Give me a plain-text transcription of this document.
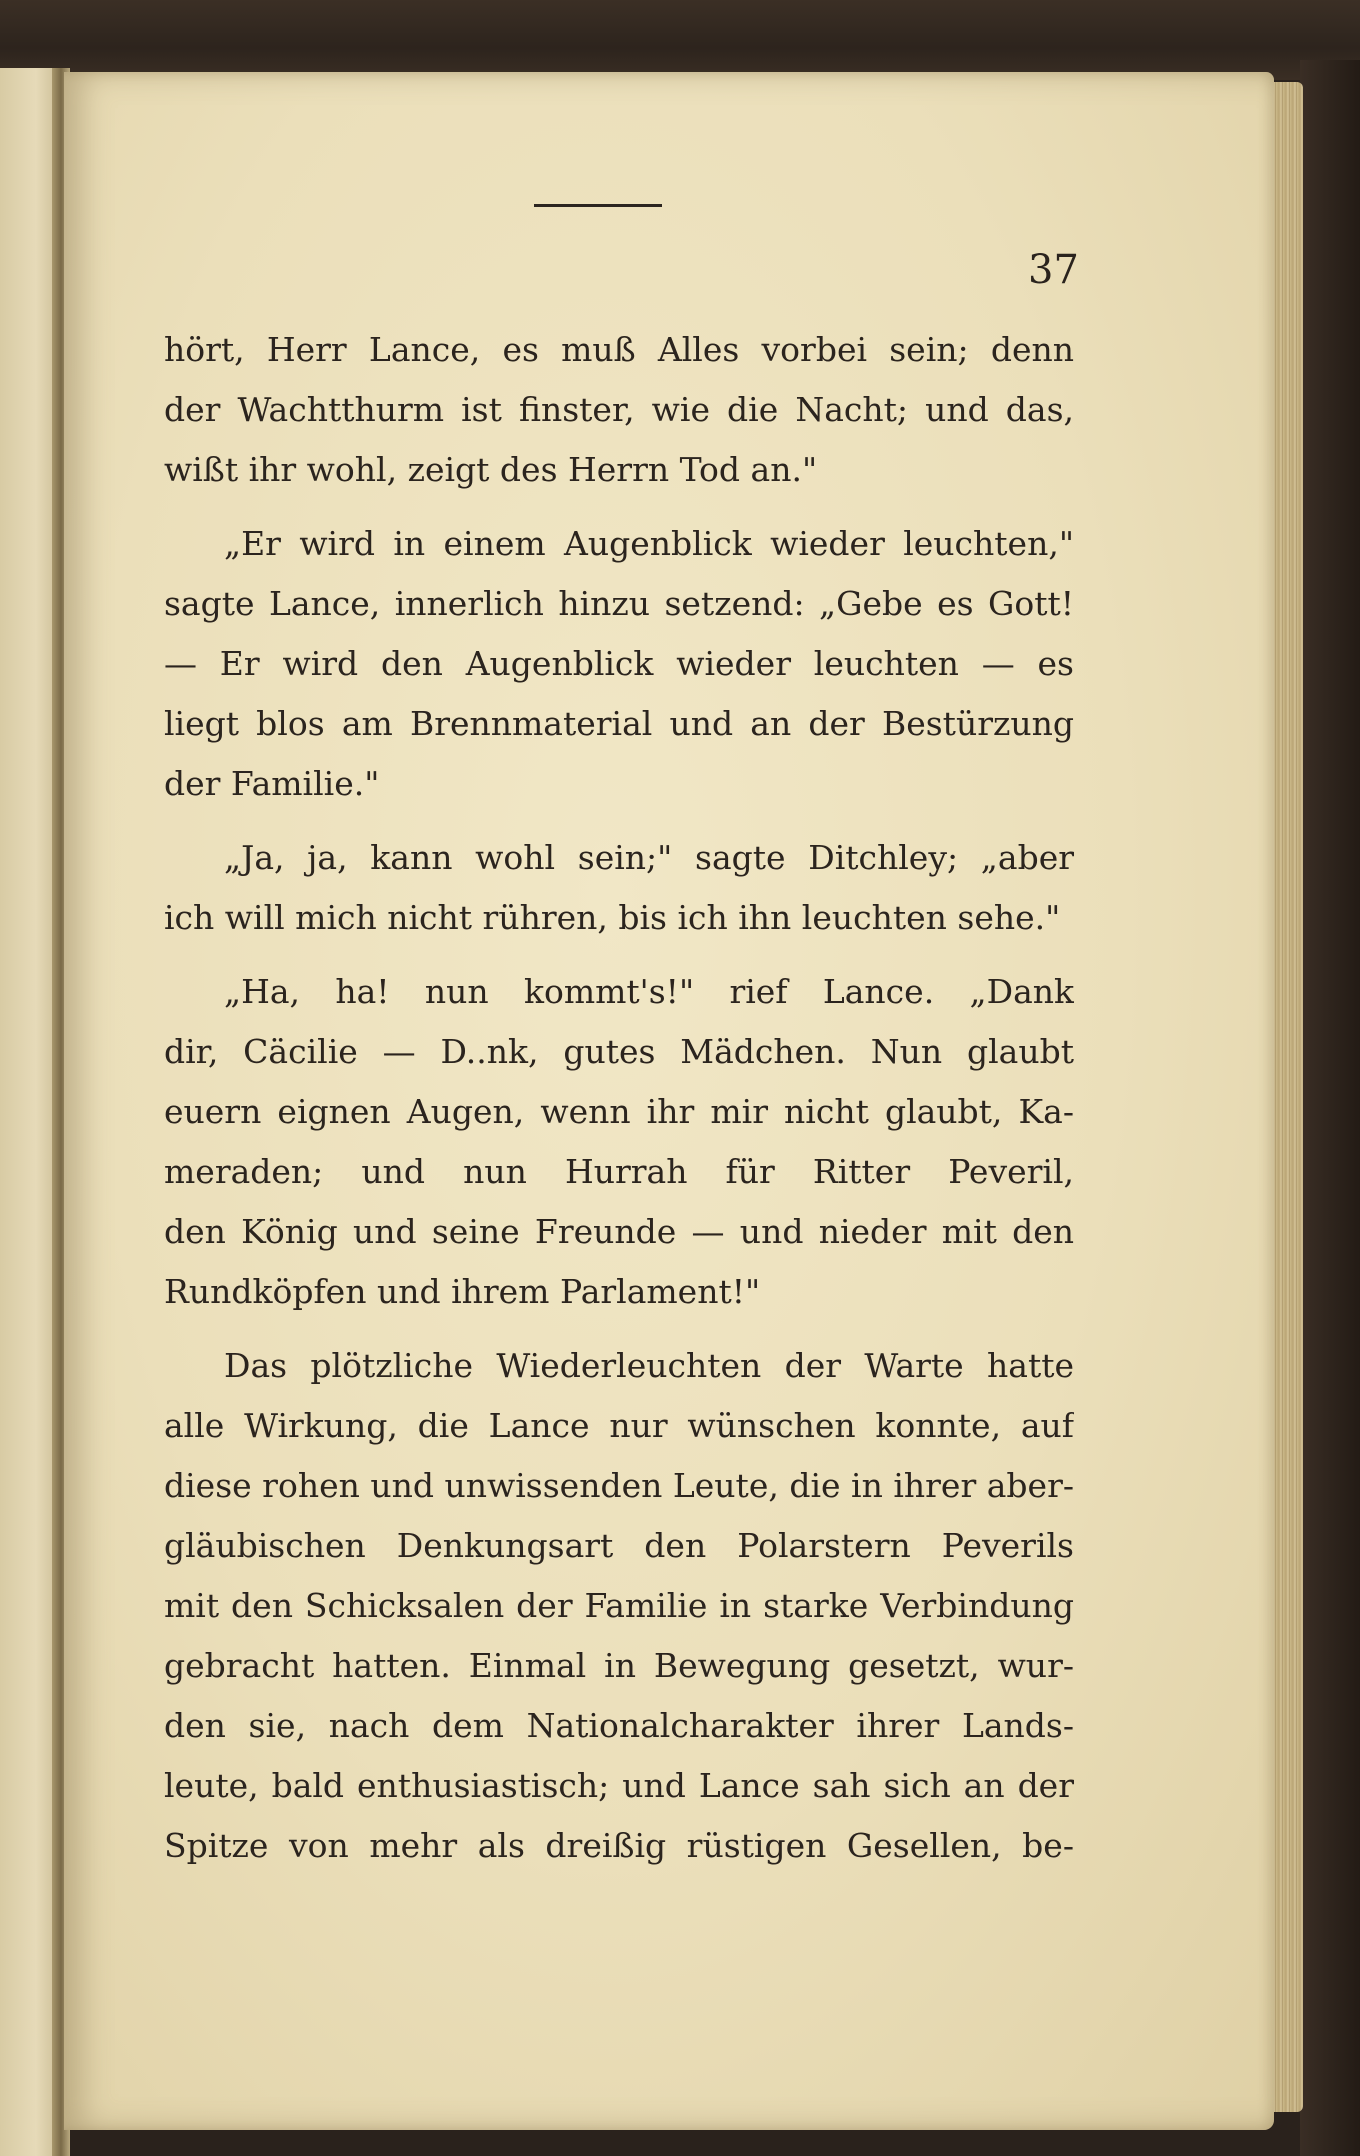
37
hört, Herr Lance, es muß Alles vorbei sein; denn
der Wachtthurm ist finster, wie die Nacht; und das,
wißt ihr wohl, zeigt des Herrn Tod an."
„Er wird in einem Augenblick wieder leuchten,"
sagte Lance, innerlich hinzu setzend: „Gebe es Gott!
— Er wird den Augenblick wieder leuchten — es
liegt blos am Brennmaterial und an der Bestürzung
der Familie."
„Ja, ja, kann wohl sein;" sagte Ditchley; „aber
ich will mich nicht rühren, bis ich ihn leuchten sehe."
„Ha, ha! nun kommt's!" rief Lance. „Dank
dir, Cäcilie — D..nk, gutes Mädchen. Nun glaubt
euern eignen Augen, wenn ihr mir nicht glaubt, Ka-
meraden; und nun Hurrah für Ritter Peveril,
den König und seine Freunde — und nieder mit den
Rundköpfen und ihrem Parlament!"
Das plötzliche Wiederleuchten der Warte hatte
alle Wirkung, die Lance nur wünschen konnte, auf
diese rohen und unwissenden Leute, die in ihrer aber-
gläubischen Denkungsart den Polarstern Peverils
mit den Schicksalen der Familie in starke Verbindung
gebracht hatten. Einmal in Bewegung gesetzt, wur-
den sie, nach dem Nationalcharakter ihrer Lands-
leute, bald enthusiastisch; und Lance sah sich an der
Spitze von mehr als dreißig rüstigen Gesellen, be-
